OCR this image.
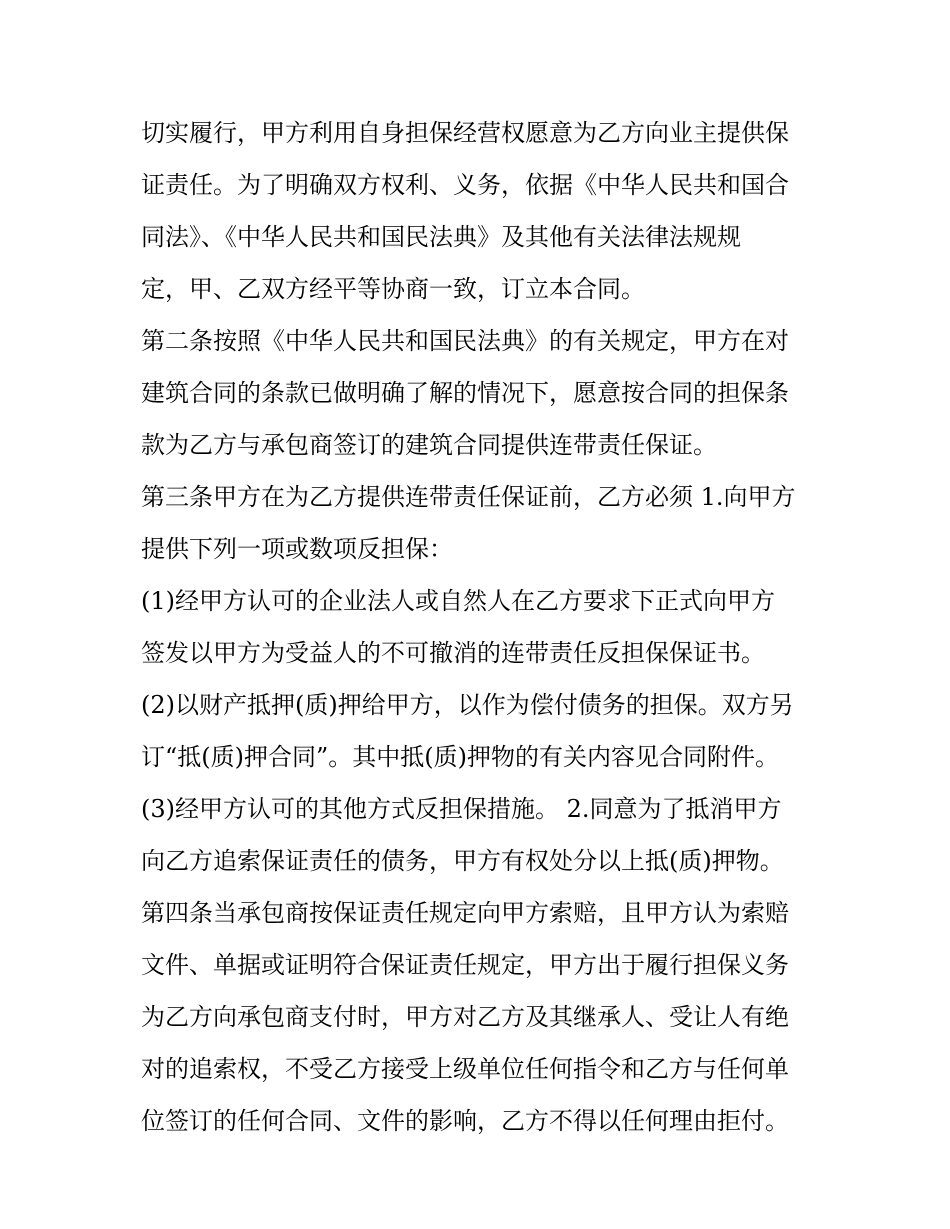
切实履行，甲方利用自身担保经营权愿意为乙方向业主提供保
证责任。为了明确双方权利、义务，依据《中华人民共和国合
同法》、《中华人民共和国民法典》及其他有关法律法规规
定，甲、乙双方经平等协商一致，订立本合同。
第二条按照《中华人民共和国民法典》的有关规定，甲方在对
建筑合同的条款已做明确了解的情况下，愿意按合同的担保条
款为乙方与承包商签订的建筑合同提供连带责任保证。
第三条甲方在为乙方提供连带责任保证前，乙方必须 1.向甲方
提供下列一项或数项反担保：
(1)经甲方认可的企业法人或自然人在乙方要求下正式向甲方
签发以甲方为受益人的不可撤消的连带责任反担保保证书。
(2)以财产抵押(质)押给甲方，以作为偿付债务的担保。双方另
订“抵(质)押合同”。其中抵(质)押物的有关内容见合同附件。
(3)经甲方认可的其他方式反担保措施。 2.同意为了抵消甲方
向乙方追索保证责任的债务，甲方有权处分以上抵(质)押物。
第四条当承包商按保证责任规定向甲方索赔，且甲方认为索赔
文件、单据或证明符合保证责任规定，甲方出于履行担保义务
为乙方向承包商支付时，甲方对乙方及其继承人、受让人有绝
对的追索权，不受乙方接受上级单位任何指令和乙方与任何单
位签订的任何合同、文件的影响，乙方不得以任何理由拒付。
